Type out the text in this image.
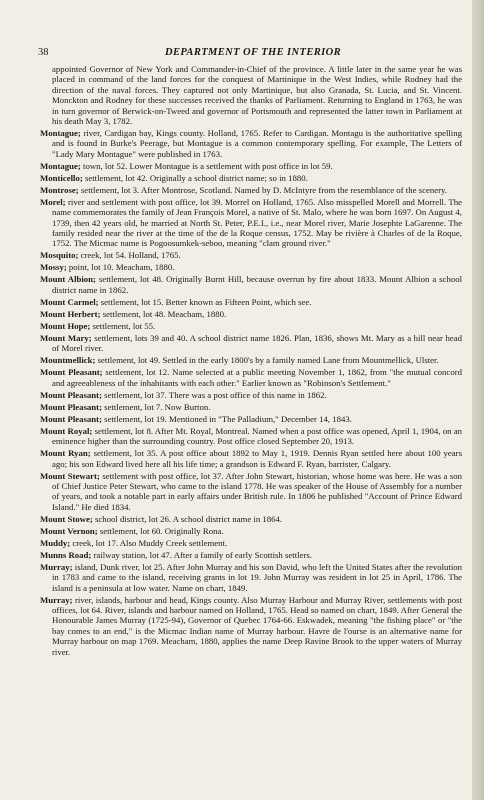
38	DEPARTMENT OF THE INTERIOR

appointed Governor of New York and Commander-in-Chief of the province. A little later in the same year he was placed in command of the land forces for the conquest of Martinique in the West Indies, while Rodney had the direction of the naval forces. They captured not only Martinique, but also Granada, St. Lucia, and St. Vincent. Monckton and Rodney for these successes received the thanks of Parliament. Returning to England in 1763, he was in turn governor of Berwick-on-Tweed and governor of Portsmouth and represented the latter town in Parliament at his death May 3, 1782.

Montague; river, Cardigan bay, Kings county. Holland, 1765. Refer to Cardigan. Montagu is the authoritative spelling and is found in Burke's Peerage, but Montague is a common contemporary spelling. For example, The Letters of "Lady Mary Montague" were published in 1763.

Montague; town, lot 52. Lower Montague is a settlement with post office in lot 59.

Monticello; settlement, lot 42. Originally a school district name; so in 1880.

Montrose; settlement, lot 3. After Montrose, Scotland. Named by D. McIntyre from the resemblance of the scenery.

Morel; river and settlement with post office, lot 39. Morrel on Holland, 1765. Also misspelled Morell and Morrell. The name commemorates the family of Jean François Morel, a native of St. Malo, where he was born 1697. On August 4, 1739, then 42 years old, he married at North St. Peter, P.E.I., i.e., near Morel river, Marie Josephte LaGarenne. The family resided near the river at the time of the de la Roque census, 1752. May be rivière à Charles of de la Roque, 1752. The Micmac name is Pogoosumkek-seboo, meaning "clam ground river."

Mosquito; creek, lot 54. Holland, 1765.

Mossy; point, lot 10. Meacham, 1880.

Mount Albion; settlement, lot 48. Originally Burnt Hill, because overrun by fire about 1833. Mount Albion a school district name in 1862.

Mount Carmel; settlement, lot 15. Better known as Fifteen Point, which see.

Mount Herbert; settlement, lot 48. Meacham, 1880.

Mount Hope; settlement, lot 55.

Mount Mary; settlement, lots 39 and 40. A school district name 1826. Plan, 1836, shows Mt. Mary as a hill near head of Morel river.

Mountmellick; settlement, lot 49. Settled in the early 1800's by a family named Lane from Mountmellick, Ulster.

Mount Pleasant; settlement, lot 12. Name selected at a public meeting November 1, 1862, from "the mutual concord and agreeableness of the inhabitants with each other." Earlier known as "Robinson's Settlement."

Mount Pleasant; settlement, lot 37. There was a post office of this name in 1862.

Mount Pleasant; settlement, lot 7. Now Burton.

Mount Pleasant; settlement, lot 19. Mentioned in "The Palladium," December 14, 1843.

Mount Royal; settlement, lot 8. After Mt. Royal, Montreal. Named when a post office was opened, April 1, 1904, on an eminence higher than the surrounding country. Post office closed September 20, 1913.

Mount Ryan; settlement, lot 35. A post office about 1892 to May 1, 1919. Dennis Ryan settled here about 100 years ago; his son Edward lived here all his life time; a grandson is Edward F. Ryan, barrister, Calgary.

Mount Stewart; settlement with post office, lot 37. After John Stewart, historian, whose home was here. He was a son of Chief Justice Peter Stewart, who came to the island 1778. He was speaker of the House of Assembly for a number of years, and took a notable part in early affairs under British rule. In 1806 he published "Account of Prince Edward Island." He died 1834.

Mount Stowe; school district, lot 26. A school district name in 1864.

Mount Vernon; settlement, lot 60. Originally Rona.

Muddy; creek, lot 17. Also Muddy Creek settlement.

Munns Road; railway station, lot 47. After a family of early Scottish settlers.

Murray; island, Dunk river, lot 25. After John Murray and his son David, who left the United States after the revolution in 1783 and came to the island, receiving grants in lot 19. John Murray was resident in lot 25 in April, 1786. The island is a peninsula at low water. Name on chart, 1849.

Murray; river, islands, harbour and head, Kings county. Also Murray Harbour and Murray River, settlements with post offices, lot 64. River, islands and harbour named on Holland, 1765. Head so named on chart, 1849. After General the Honourable James Murray (1725-94), Governor of Quebec 1764-66. Eskwadek, meaning "the fishing place" or "the bay comes to an end," is the Micmac Indian name of Murray harbour. Havre de l'ourse is an alternative name for Murray harbour on map 1769. Meacham, 1880, applies the name Deep Ravine Brook to the upper waters of Murray river.
